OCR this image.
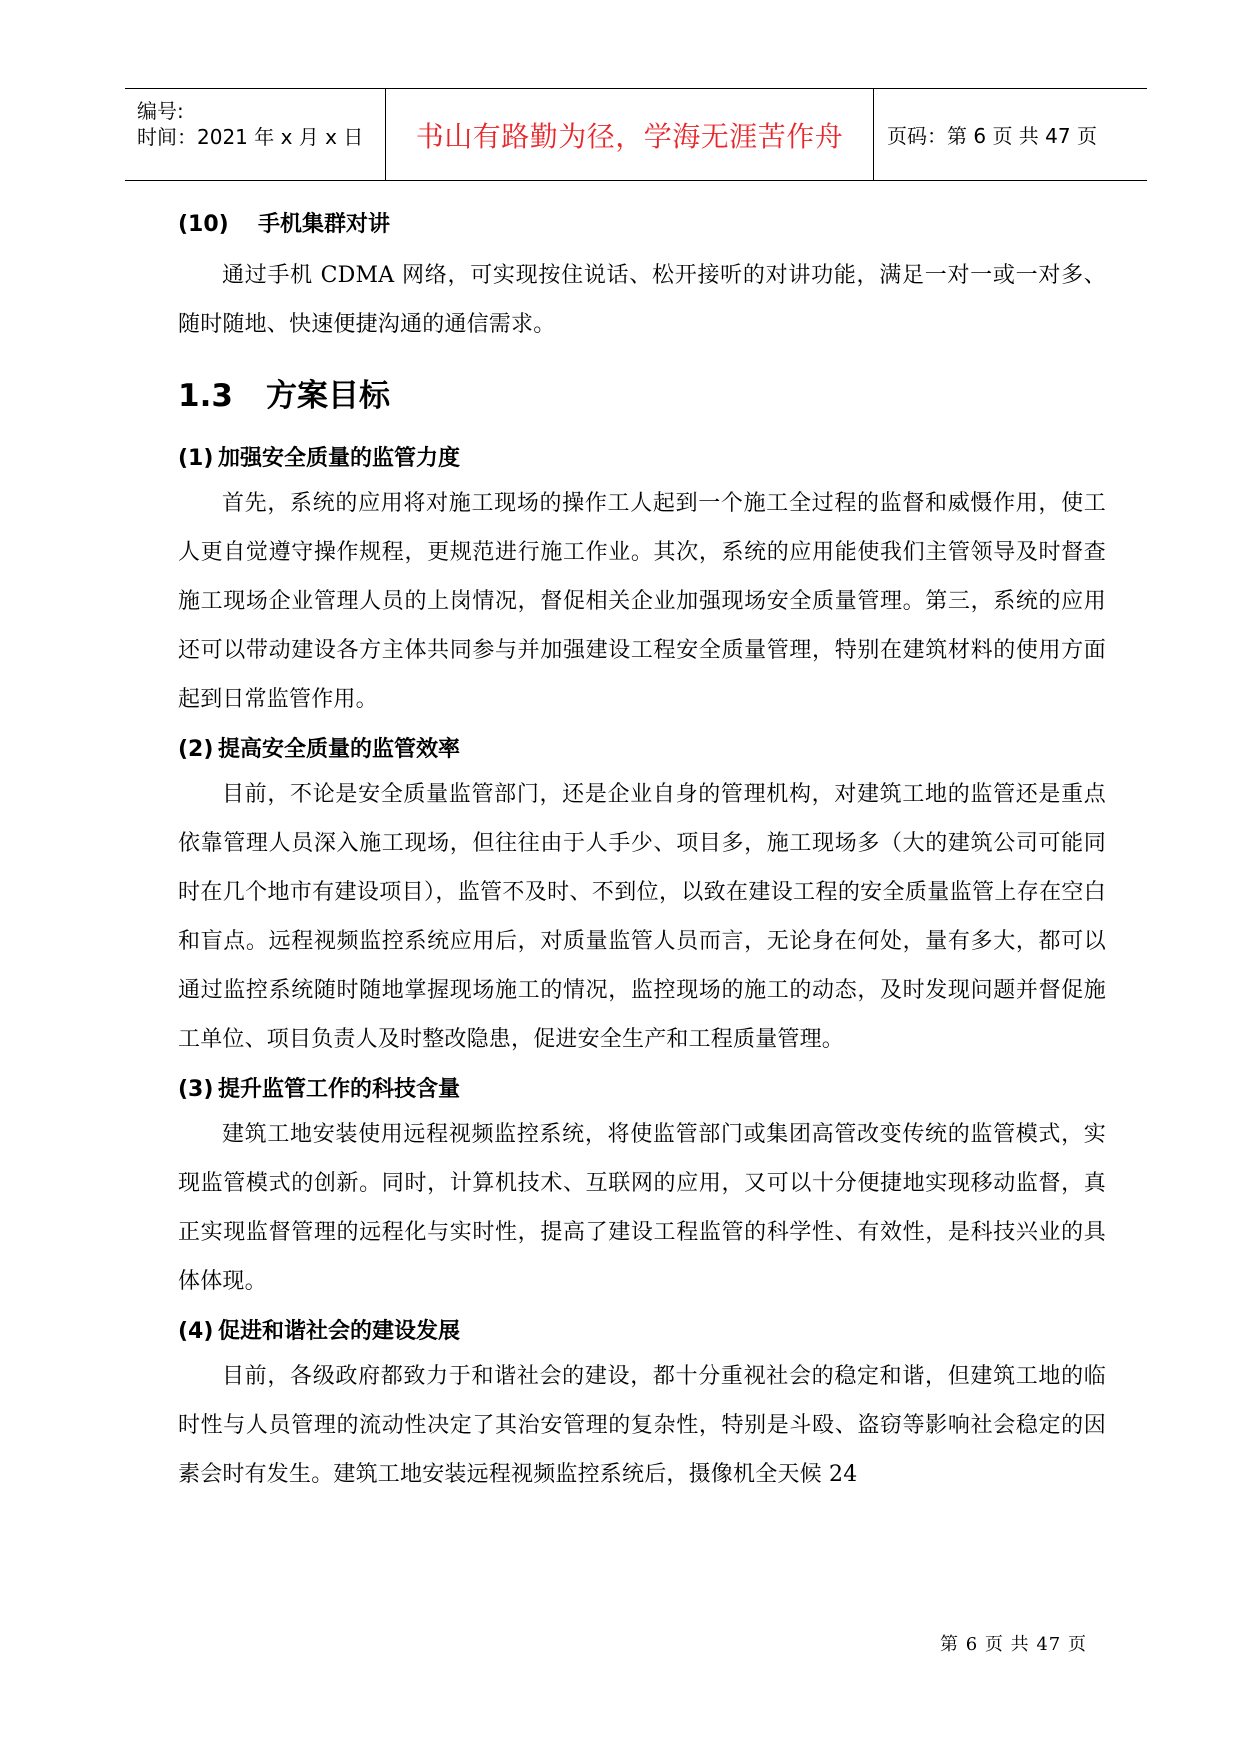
编号:
时间：2021 年 x 月 x 日 书山有路勤为径，学海无涯苦作舟 页码：第 6 页 共 47 页

(10) 手机集群对讲

通过手机 CDMA 网络，可实现按住说话、松开接听的对讲功能，满足一对一或一对多、随时随地、快速便捷沟通的通信需求。

1.3 方案目标

(1) 加强安全质量的监管力度

首先，系统的应用将对施工现场的操作工人起到一个施工全过程的监督和威慑作用，使工人更自觉遵守操作规程，更规范进行施工作业。其次，系统的应用能使我们主管领导及时督查施工现场企业管理人员的上岗情况，督促相关企业加强现场安全质量管理。第三，系统的应用还可以带动建设各方主体共同参与并加强建设工程安全质量管理，特别在建筑材料的使用方面起到日常监管作用。

(2) 提高安全质量的监管效率

目前，不论是安全质量监管部门，还是企业自身的管理机构，对建筑工地的监管还是重点依靠管理人员深入施工现场，但往往由于人手少、项目多，施工现场多（大的建筑公司可能同时在几个地市有建设项目），监管不及时、不到位，以致在建设工程的安全质量监管上存在空白和盲点。远程视频监控系统应用后，对质量监管人员而言，无论身在何处，量有多大，都可以通过监控系统随时随地掌握现场施工的情况，监控现场的施工的动态，及时发现问题并督促施工单位、项目负责人及时整改隐患，促进安全生产和工程质量管理。

(3) 提升监管工作的科技含量

建筑工地安装使用远程视频监控系统，将使监管部门或集团高管改变传统的监管模式，实现监管模式的创新。同时，计算机技术、互联网的应用，又可以十分便捷地实现移动监督，真正实现监督管理的远程化与实时性，提高了建设工程监管的科学性、有效性，是科技兴业的具体体现。

(4) 促进和谐社会的建设发展

目前，各级政府都致力于和谐社会的建设，都十分重视社会的稳定和谐，但建筑工地的临时性与人员管理的流动性决定了其治安管理的复杂性，特别是斗殴、盗窃等影响社会稳定的因素会时有发生。建筑工地安装远程视频监控系统后，摄像机全天候 24

第 6 页 共 47 页
